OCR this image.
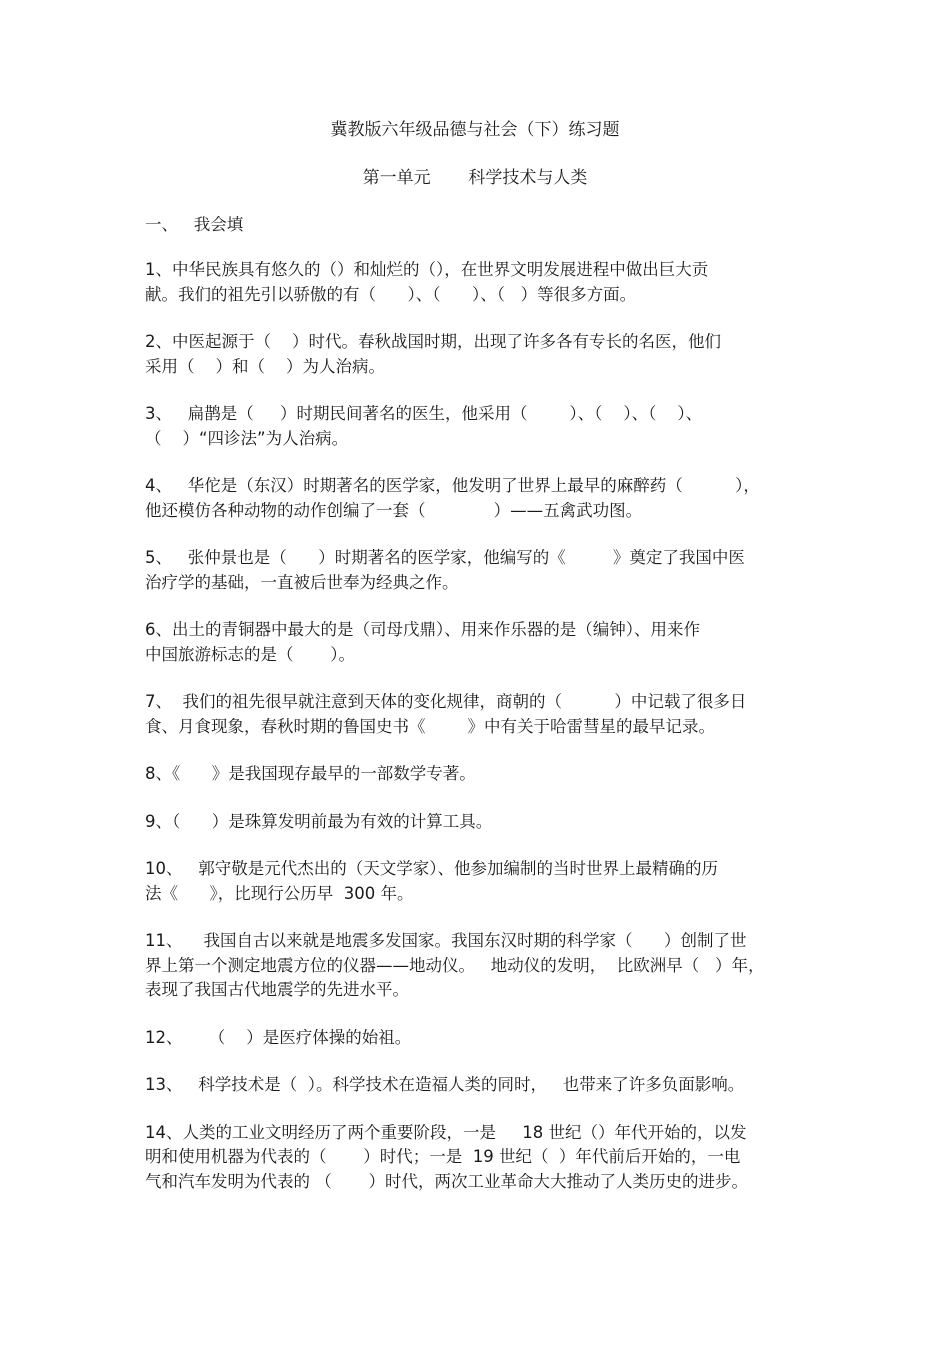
冀教版六年级品德与社会（下）练习题
第一单元       科学技术与人类
一、   我会填
1、中华民族具有悠久的（）和灿烂的（），在世界文明发展进程中做出巨大贡
献。我们的祖先引以骄傲的有（      ）、（      ）、（   ）等很多方面。
2、中医起源于（    ）时代。春秋战国时期，出现了许多各有专长的名医，他们
采用（    ）和（    ）为人治病。
3、   扁鹊是（     ）时期民间著名的医生，他采用（        ）、（    ）、（    ）、
（    ）“四诊法”为人治病。
4、   华佗是（东汉）时期著名的医学家，他发明了世界上最早的麻醉药（          ），
他还模仿各种动物的动作创编了一套（             ）——五禽武功图。
5、   张仲景也是（      ）时期著名的医学家，他编写的《         》奠定了我国中医
治疗学的基础，一直被后世奉为经典之作。
6、出土的青铜器中最大的是（司母戊鼎）、用来作乐器的是（编钟）、用来作
中国旅游标志的是（       ）。
7、  我们的祖先很早就注意到天体的变化规律，商朝的（          ）中记载了很多日
食、月食现象，春秋时期的鲁国史书《        》中有关于哈雷彗星的最早记录。
8、《      》是我国现存最早的一部数学专著。
9、（      ）是珠算发明前最为有效的计算工具。
10、   郭守敬是元代杰出的（天文学家）、他参加编制的当时世界上最精确的历
法《      》，比现行公历早  300 年。
11、    我国自古以来就是地震多发国家。我国东汉时期的科学家（      ）创制了世
界上第一个测定地震方位的仪器——地动仪。   地动仪的发明，  比欧洲早（   ）年，
表现了我国古代地震学的先进水平。
12、     （    ）是医疗体操的始祖。
13、   科学技术是（  ）。科学技术在造福人类的同时，   也带来了许多负面影响。
14、人类的工业文明经历了两个重要阶段，一是     18 世纪（）年代开始的，以发
明和使用机器为代表的（       ）时代；一是  19 世纪（  ）年代前后开始的，一电
气和汽车发明为代表的 （       ）时代，两次工业革命大大推动了人类历史的进步。
